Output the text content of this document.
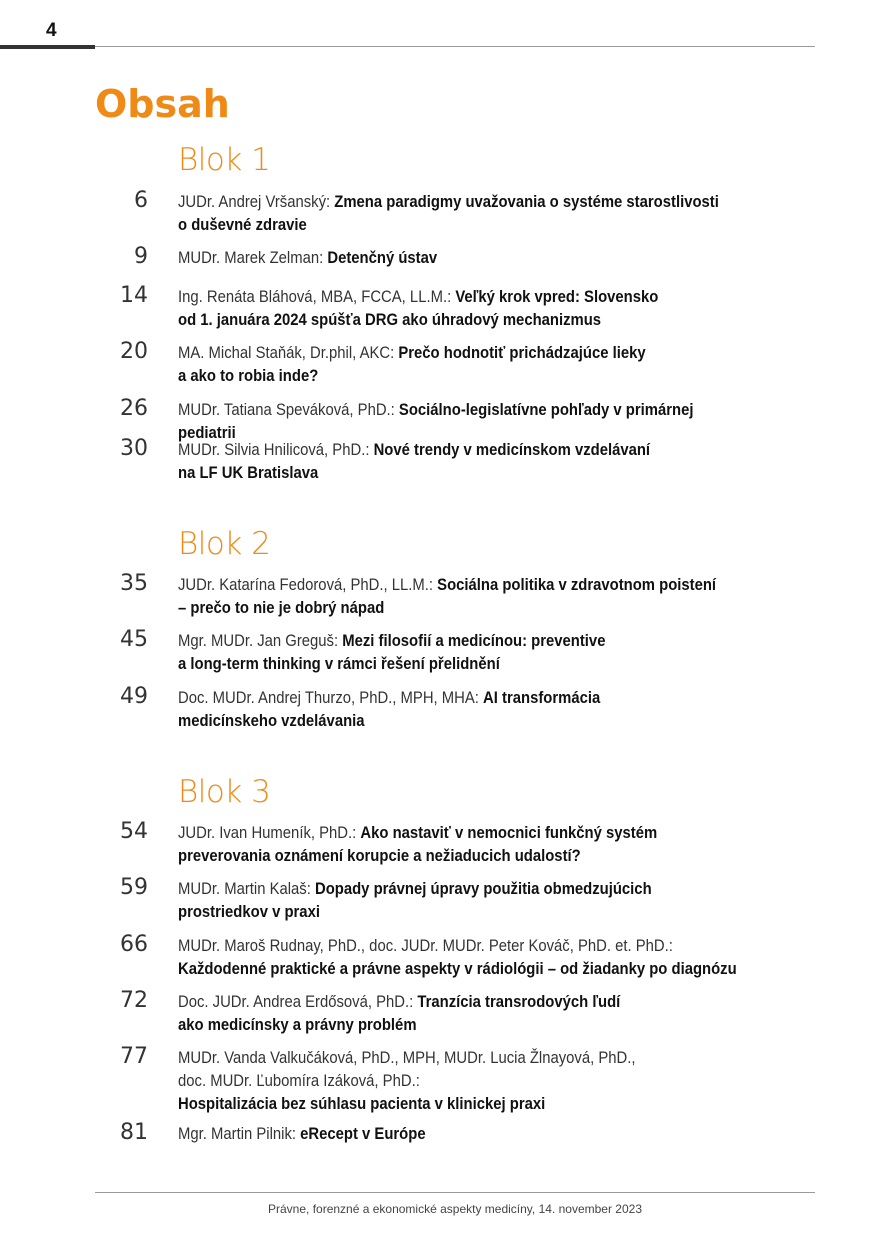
4
Obsah
Blok 1
6 JUDr. Andrej Vršanský: Zmena paradigmy uvažovania o systéme starostlivosti
o duševné zdravie
9 MUDr. Marek Zelman: Detenčný ústav
14 Ing. Renáta Bláhová, MBA, FCCA, LL.M.: Veľký krok vpred: Slovensko
od 1. januára 2024 spúšťa DRG ako úhradový mechanizmus
20 MA. Michal Staňák, Dr.phil, AKC: Prečo hodnotiť prichádzajúce lieky
a ako to robia inde?
26 MUDr. Tatiana Speváková, PhD.: Sociálno-legislatívne pohľady v primárnej pediatrii
30 MUDr. Silvia Hnilicová, PhD.: Nové trendy v medicínskom vzdelávaní
na LF UK Bratislava
Blok 2
35 JUDr. Katarína Fedorová, PhD., LL.M.: Sociálna politika v zdravotnom poistení
– prečo to nie je dobrý nápad
45 Mgr. MUDr. Jan Greguš: Mezi filosofií a medicínou: preventive
a long-term thinking v rámci řešení přelidnění
49 Doc. MUDr. Andrej Thurzo, PhD., MPH, MHA: AI transformácia
medicínskeho vzdelávania
Blok 3
54 JUDr. Ivan Humeník, PhD.: Ako nastaviť v nemocnici funkčný systém
preverovania oznámení korupcie a nežiaducich udalostí?
59 MUDr. Martin Kalaš: Dopady právnej úpravy použitia obmedzujúcich
prostriedkov v praxi
66 MUDr. Maroš Rudnay, PhD., doc. JUDr. MUDr. Peter Kováč, PhD. et. PhD.:
Každodenné praktické a právne aspekty v rádiológii – od žiadanky po diagnózu
72 Doc. JUDr. Andrea Erdősová, PhD.: Tranzícia transrodových ľudí
ako medicínsky a právny problém
77 MUDr. Vanda Valkučáková, PhD., MPH, MUDr. Lucia Žlnayová, PhD., doc. MUDr. Ľubomíra Izáková, PhD.:
Hospitalizácia bez súhlasu pacienta v klinickej praxi
81 Mgr. Martin Pilnik: eRecept v Európe
Právne, forenzné a ekonomické aspekty medicíny, 14. november 2023
